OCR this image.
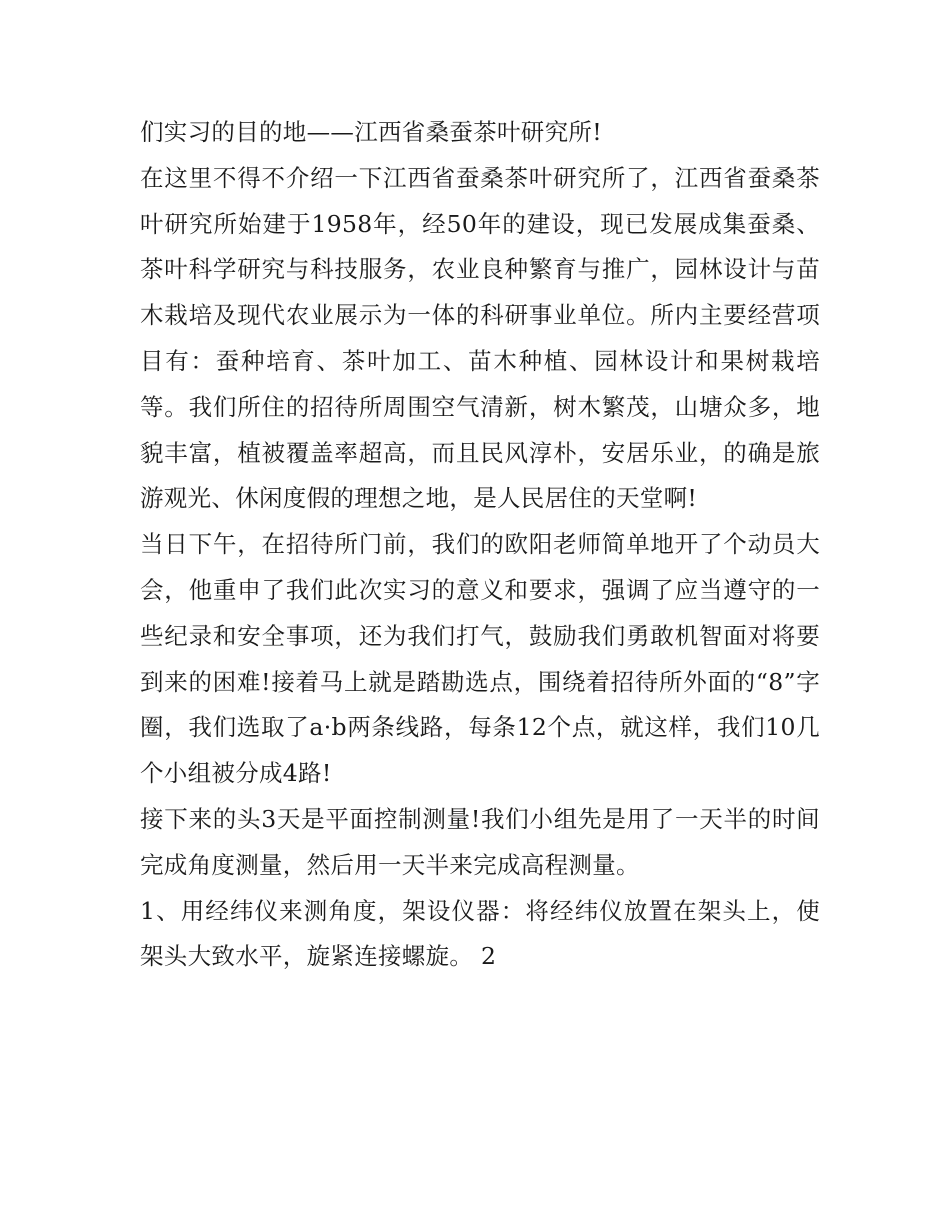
们实习的目的地——江西省桑蚕茶叶研究所!

在这里不得不介绍一下江西省蚕桑茶叶研究所了，江西省蚕桑茶叶研究所始建于1958年，经50年的建设，现已发展成集蚕桑、茶叶科学研究与科技服务，农业良种繁育与推广，园林设计与苗木栽培及现代农业展示为一体的科研事业单位。所内主要经营项目有：蚕种培育、茶叶加工、苗木种植、园林设计和果树栽培等。我们所住的招待所周围空气清新，树木繁茂，山塘众多，地貌丰富，植被覆盖率超高，而且民风淳朴，安居乐业，的确是旅游观光、休闲度假的理想之地，是人民居住的天堂啊!

当日下午，在招待所门前，我们的欧阳老师简单地开了个动员大会，他重申了我们此次实习的意义和要求，强调了应当遵守的一些纪录和安全事项，还为我们打气，鼓励我们勇敢机智面对将要到来的困难!接着马上就是踏勘选点，围绕着招待所外面的“8”字圈，我们选取了a·b两条线路，每条12个点，就这样，我们10几个小组被分成4路!

接下来的头3天是平面控制测量!我们小组先是用了一天半的时间完成角度测量，然后用一天半来完成高程测量。

1、用经纬仪来测角度，架设仪器：将经纬仪放置在架头上，使架头大致水平，旋紧连接螺旋。 2
